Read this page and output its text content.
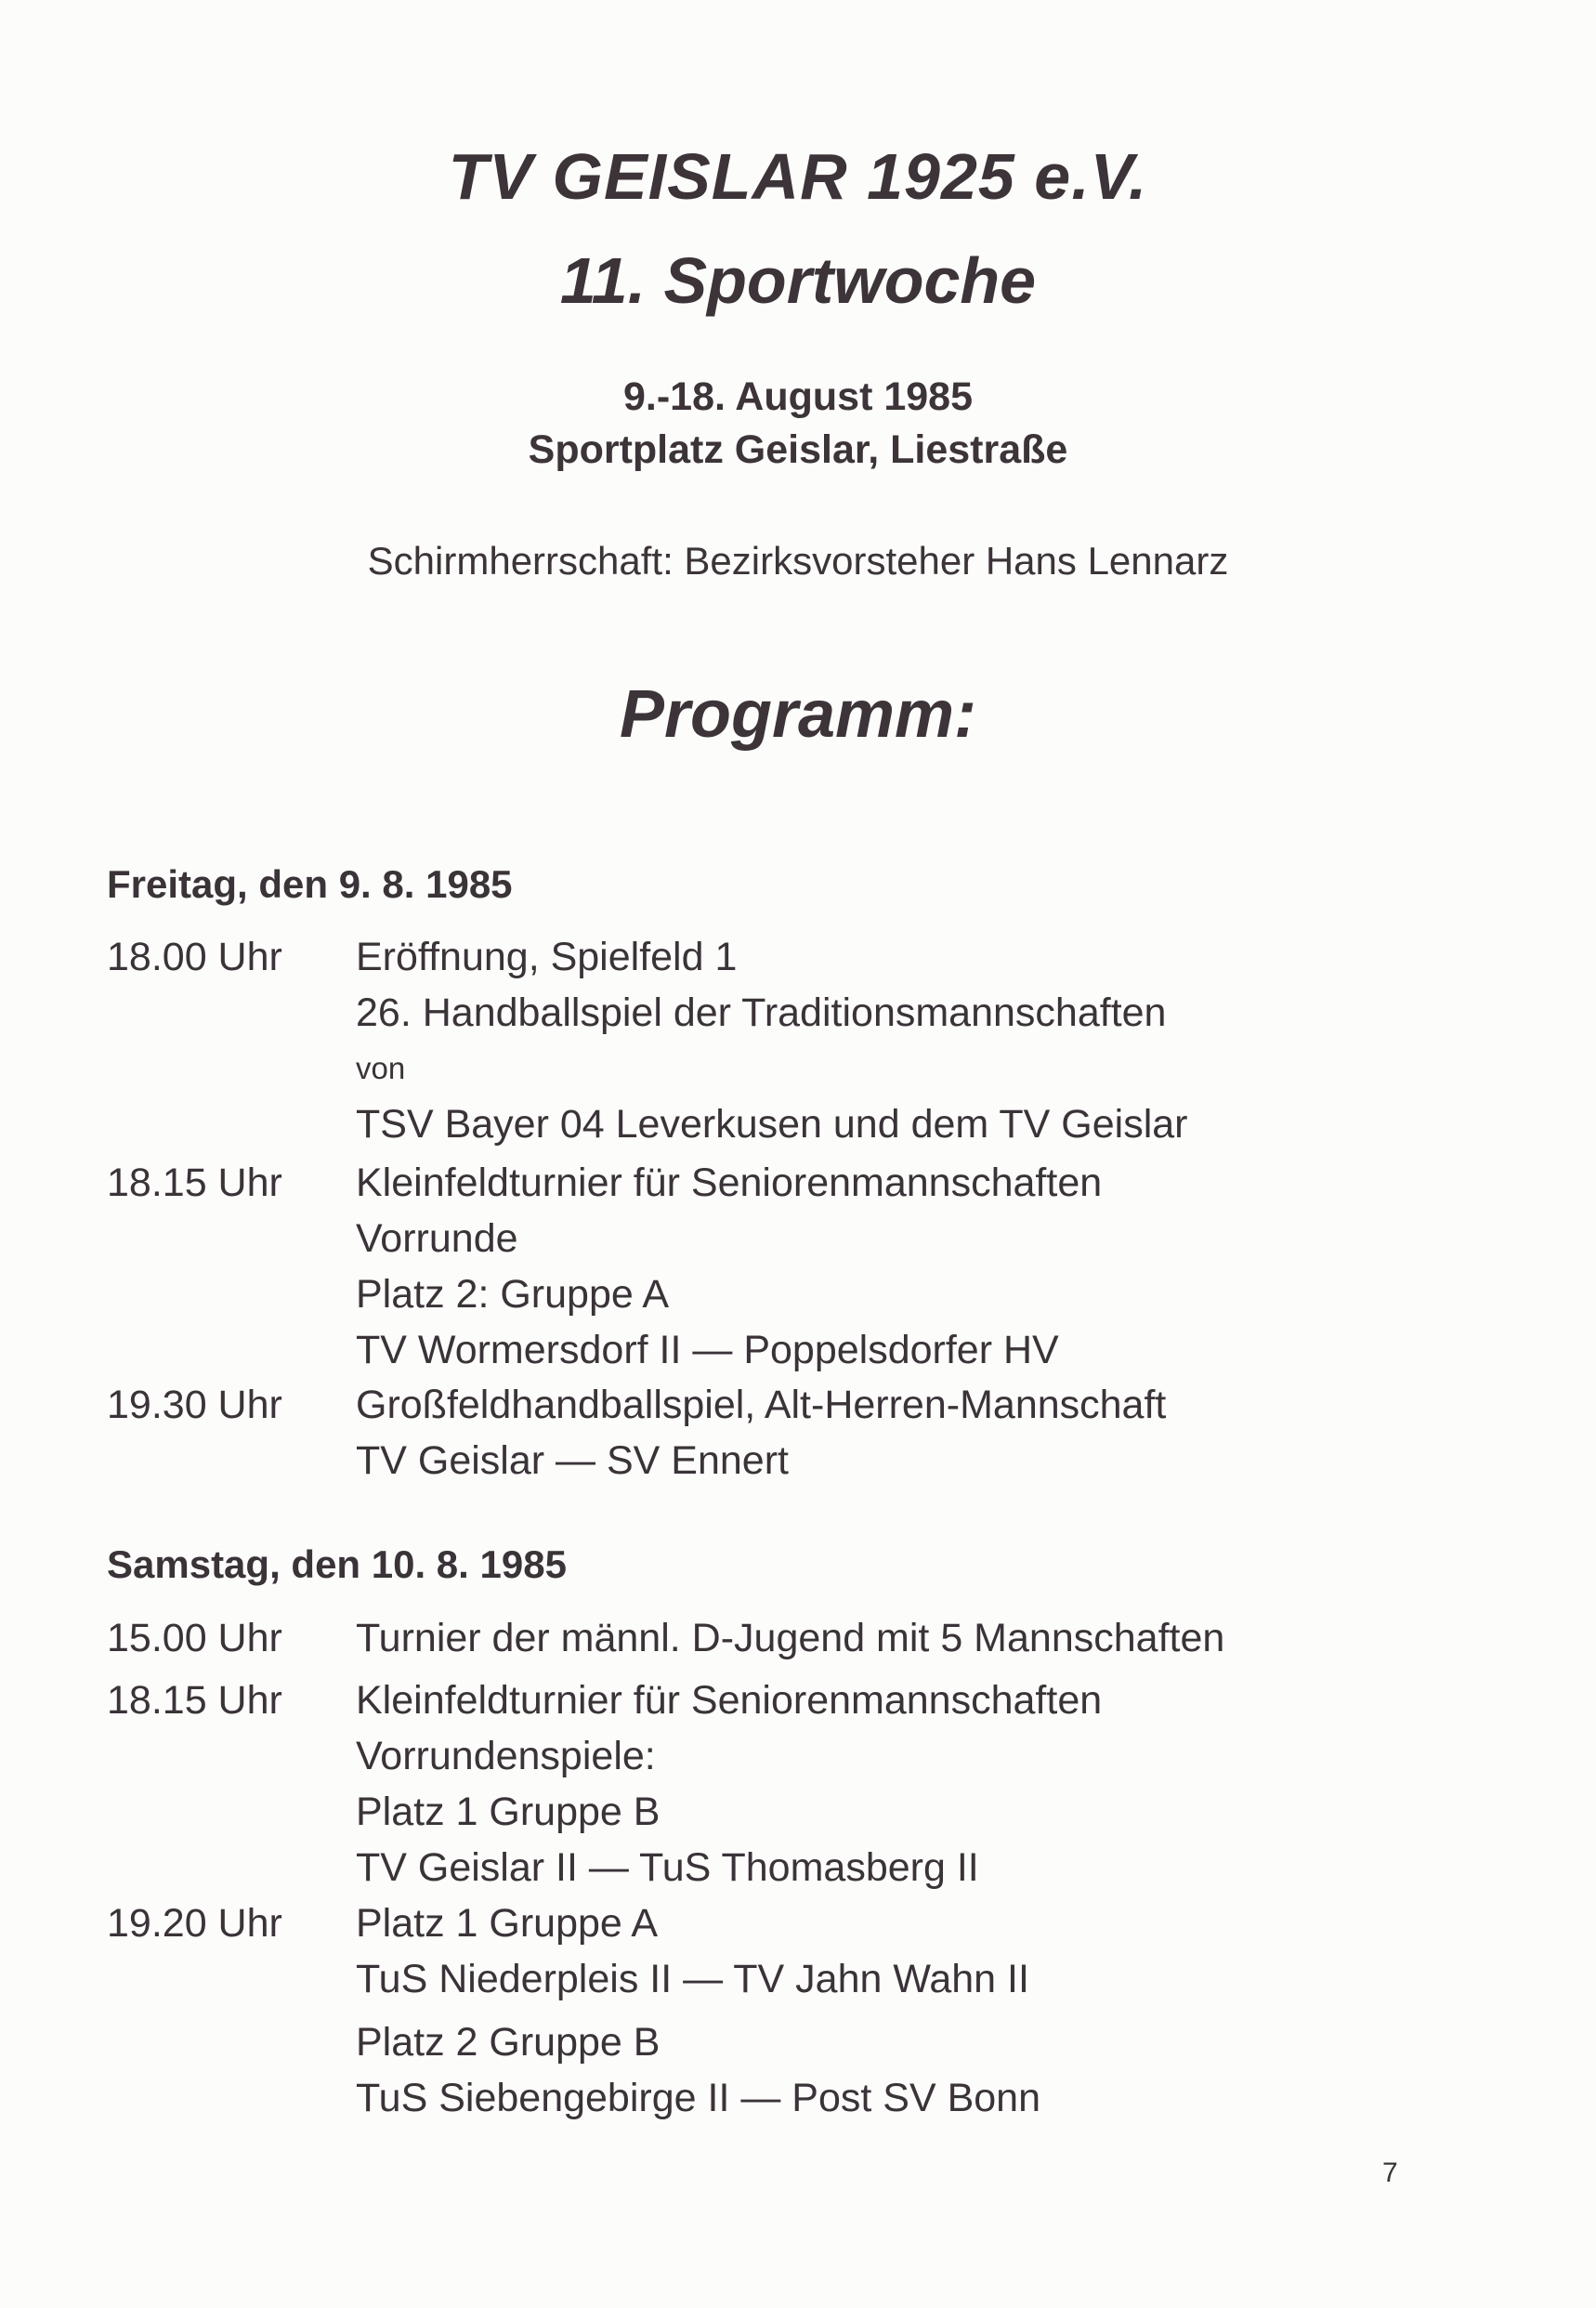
TV GEISLAR 1925 e.V.
11. Sportwoche

9.-18. August 1985

Sportplatz Geislar, Liestraße

Schirmherrschaft: Bezirksvorsteher Hans Lennarz

Programm:

Freitag, den 9. 8. 1985

18.00 Uhr	Eröffnung, Spielfeld 1
26. Handballspiel der Traditionsmannschaften
von
TSV Bayer 04 Leverkusen und dem TV Geislar
18.15 Uhr	Kleinfeldturnier für Seniorenmannschaften
Vorrunde
Platz 2: Gruppe A
TV Wormersdorf II — Poppelsdorfer HV
19.30 Uhr	Großfeldhandballspiel, Alt-Herren-Mannschaft
TV Geislar — SV Ennert

Samstag, den 10. 8. 1985

15.00 Uhr	Turnier der männl. D-Jugend mit 5 Mannschaften
18.15 Uhr	Kleinfeldturnier für Seniorenmannschaften
Vorrundenspiele:
Platz 1 Gruppe B
TV Geislar II — TuS Thomasberg II
19.20 Uhr	Platz 1 Gruppe A
TuS Niederpleis II — TV Jahn Wahn II
Platz 2 Gruppe B
TuS Siebengebirge II — Post SV Bonn
7
